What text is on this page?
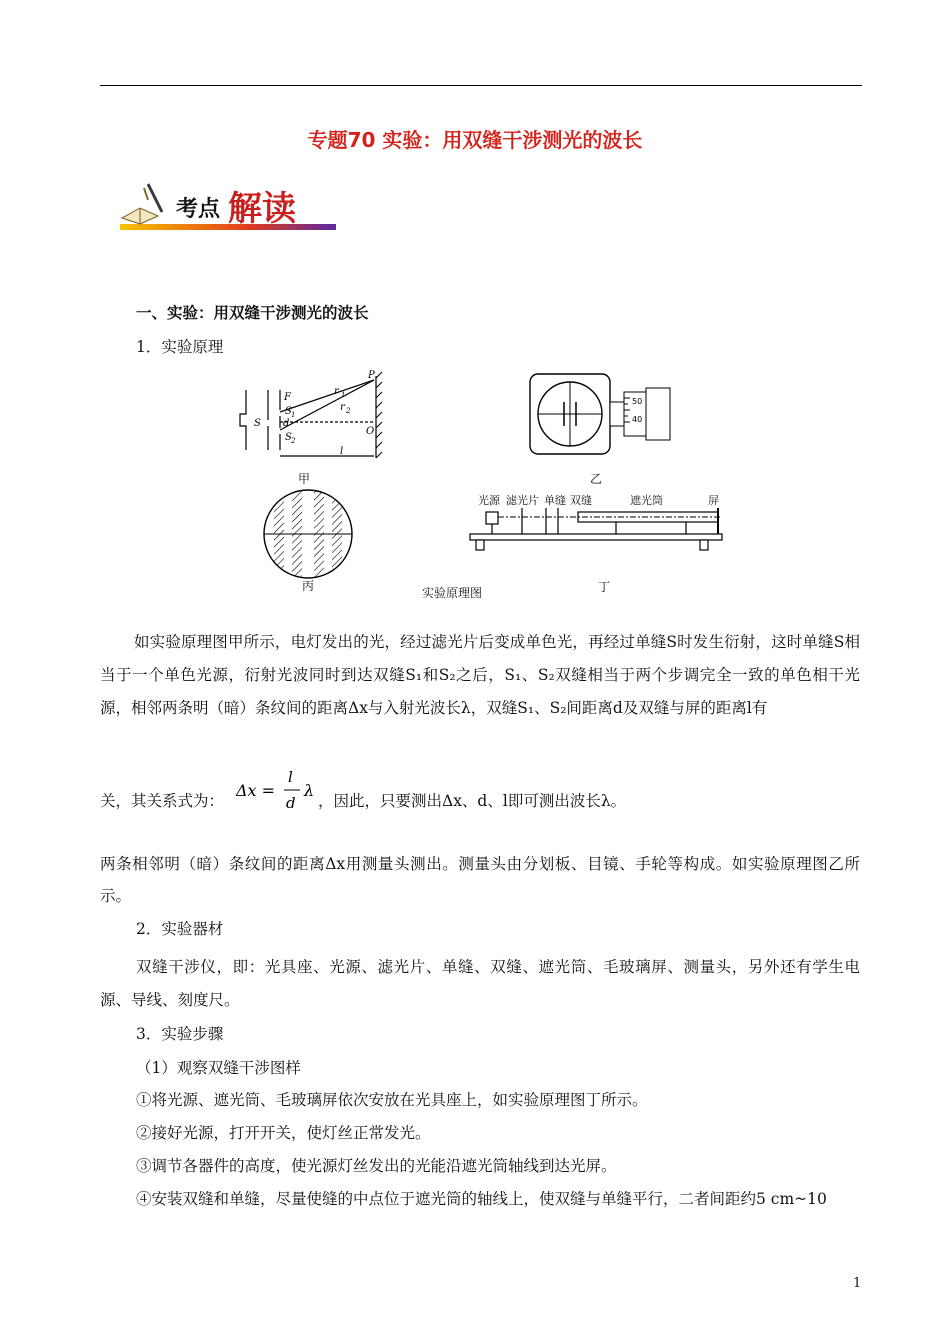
专题70 实验：用双缝干涉测光的波长
考点 解读
一、实验：用双缝干涉测光的波长
1．实验原理
P
r 1
r 2
F
S
S 1
d
S 2
O
l
甲
50
40
乙
丙
光源 滤光片 单缝 双缝	遮光筒	屏
丁
实验原理图
如实验原理图甲所示，电灯发出的光，经过滤光片后变成单色光，再经过单缝S时发生衍射，这时单缝S相当于一个单色光源，衍射光波同时到达双缝S₁和S₂之后，S₁、S₂双缝相当于两个步调完全一致的单色相干光源，相邻两条明（暗）条纹间的距离Δx与入射光波长λ，双缝S₁、S₂间距离d及双缝与屏的距离l有
关，其关系式为：
Δx =
l
d
λ
，因此，只要测出Δx、d、l即可测出波长λ。
两条相邻明（暗）条纹间的距离Δx用测量头测出。测量头由分划板、目镜、手轮等构成。如实验原理图乙所示。
2．实验器材
双缝干涉仪，即：光具座、光源、滤光片、单缝、双缝、遮光筒、毛玻璃屏、测量头，另外还有学生电源、导线、刻度尺。
3．实验步骤
（1）观察双缝干涉图样
①将光源、遮光筒、毛玻璃屏依次安放在光具座上，如实验原理图丁所示。
②接好光源，打开开关，使灯丝正常发光。
③调节各器件的高度，使光源灯丝发出的光能沿遮光筒轴线到达光屏。
④安装双缝和单缝，尽量使缝的中点位于遮光筒的轴线上，使双缝与单缝平行，二者间距约5 cm~10
1
